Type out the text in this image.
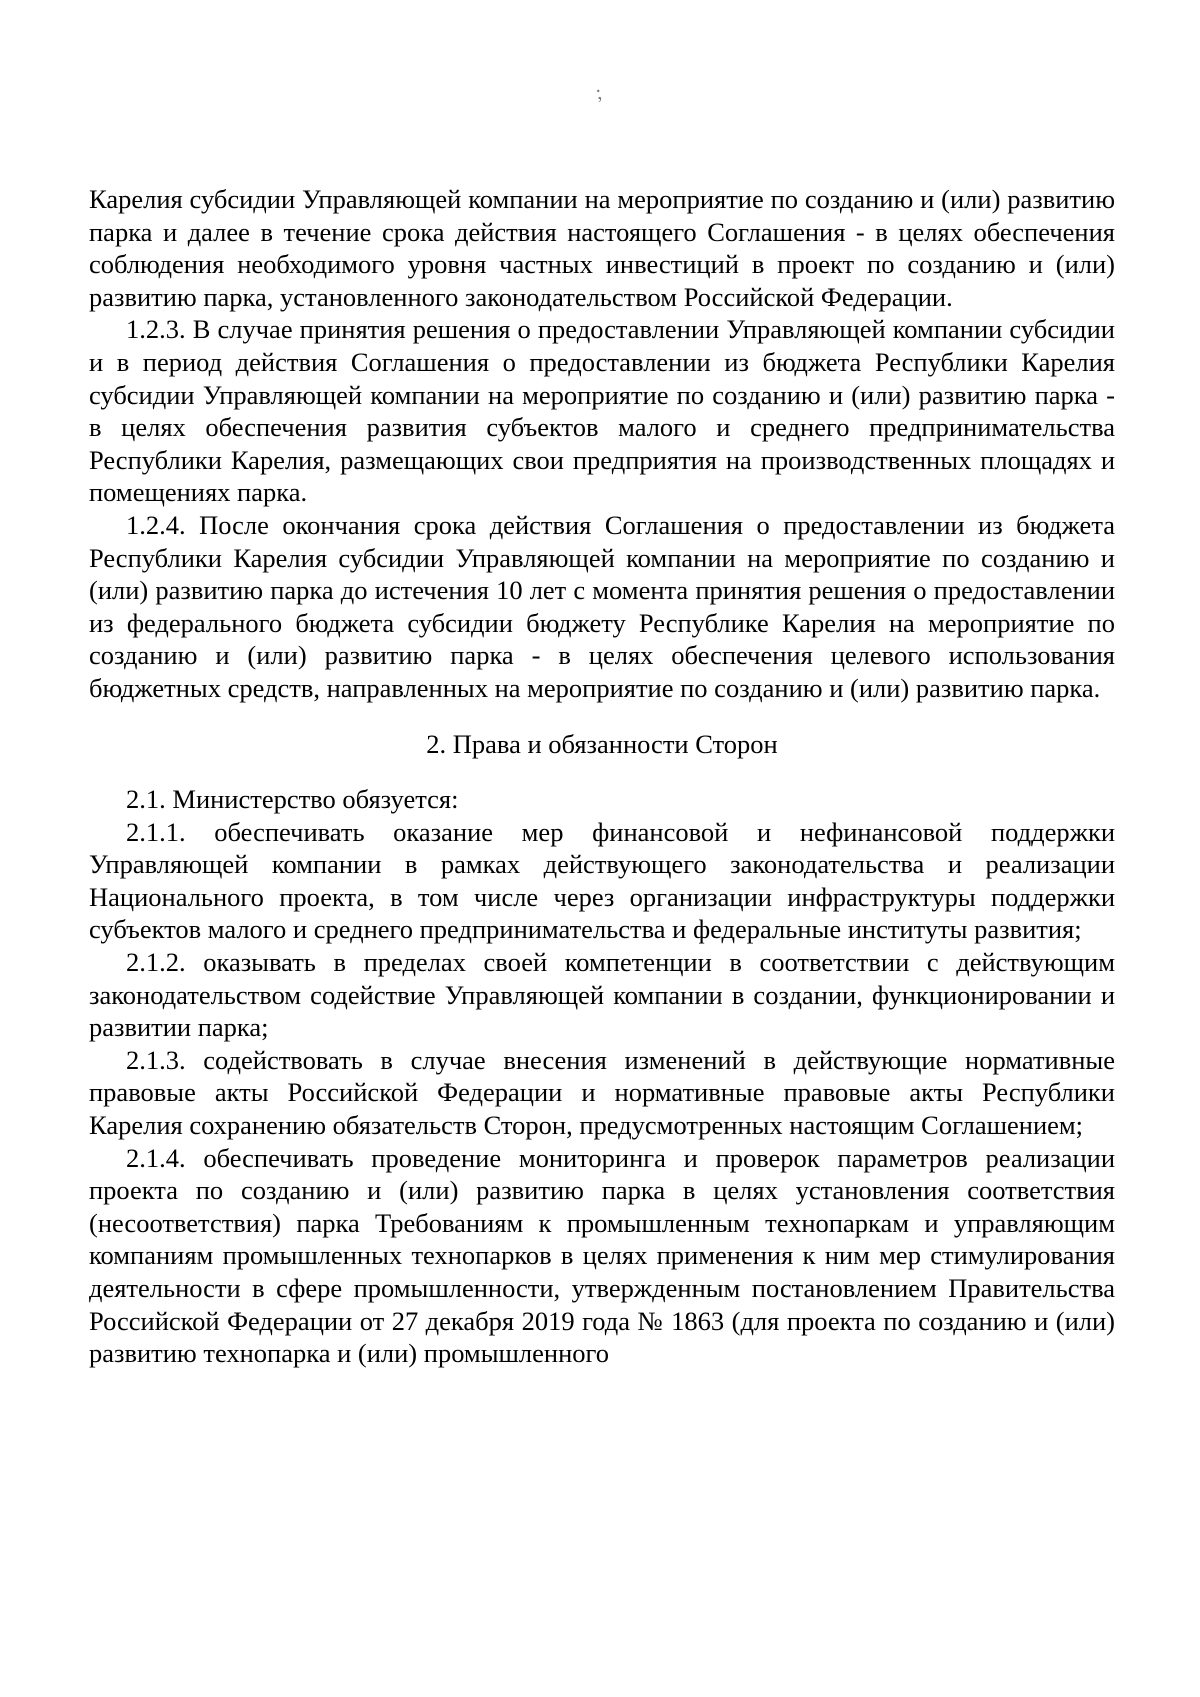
;

Карелия субсидии Управляющей компании на мероприятие по созданию и (или) развитию парка и далее в течение срока действия настоящего Соглашения - в целях обеспечения соблюдения необходимого уровня частных инвестиций в проект по созданию и (или) развитию парка, установленного законодательством Российской Федерации.

1.2.3. В случае принятия решения о предоставлении Управляющей компании субсидии и в период действия Соглашения о предоставлении из бюджета Республики Карелия субсидии Управляющей компании на мероприятие по созданию и (или) развитию парка - в целях обеспечения развития субъектов малого и среднего предпринимательства Республики Карелия, размещающих свои предприятия на производственных площадях и помещениях парка.

1.2.4. После окончания срока действия Соглашения о предоставлении из бюджета Республики Карелия субсидии Управляющей компании на мероприятие по созданию и (или) развитию парка до истечения 10 лет с момента принятия решения о предоставлении из федерального бюджета субсидии бюджету Республике Карелия на мероприятие по созданию и (или) развитию парка - в целях обеспечения целевого использования бюджетных средств, направленных на мероприятие по созданию и (или) развитию парка.

2. Права и обязанности Сторон

2.1. Министерство обязуется:

2.1.1. обеспечивать оказание мер финансовой и нефинансовой поддержки Управляющей компании в рамках действующего законодательства и реализации Национального проекта, в том числе через организации инфраструктуры поддержки субъектов малого и среднего предпринимательства и федеральные институты развития;

2.1.2. оказывать в пределах своей компетенции в соответствии с действующим законодательством содействие Управляющей компании в создании, функционировании и развитии парка;

2.1.3. содействовать в случае внесения изменений в действующие нормативные правовые акты Российской Федерации и нормативные правовые акты Республики Карелия сохранению обязательств Сторон, предусмотренных настоящим Соглашением;

2.1.4. обеспечивать проведение мониторинга и проверок параметров реализации проекта по созданию и (или) развитию парка в целях установления соответствия (несоответствия) парка Требованиям к промышленным технопаркам и управляющим компаниям промышленных технопарков в целях применения к ним мер стимулирования деятельности в сфере промышленности, утвержденным постановлением Правительства Российской Федерации от 27 декабря 2019 года № 1863 (для проекта по созданию и (или) развитию технопарка и (или) промышленного
